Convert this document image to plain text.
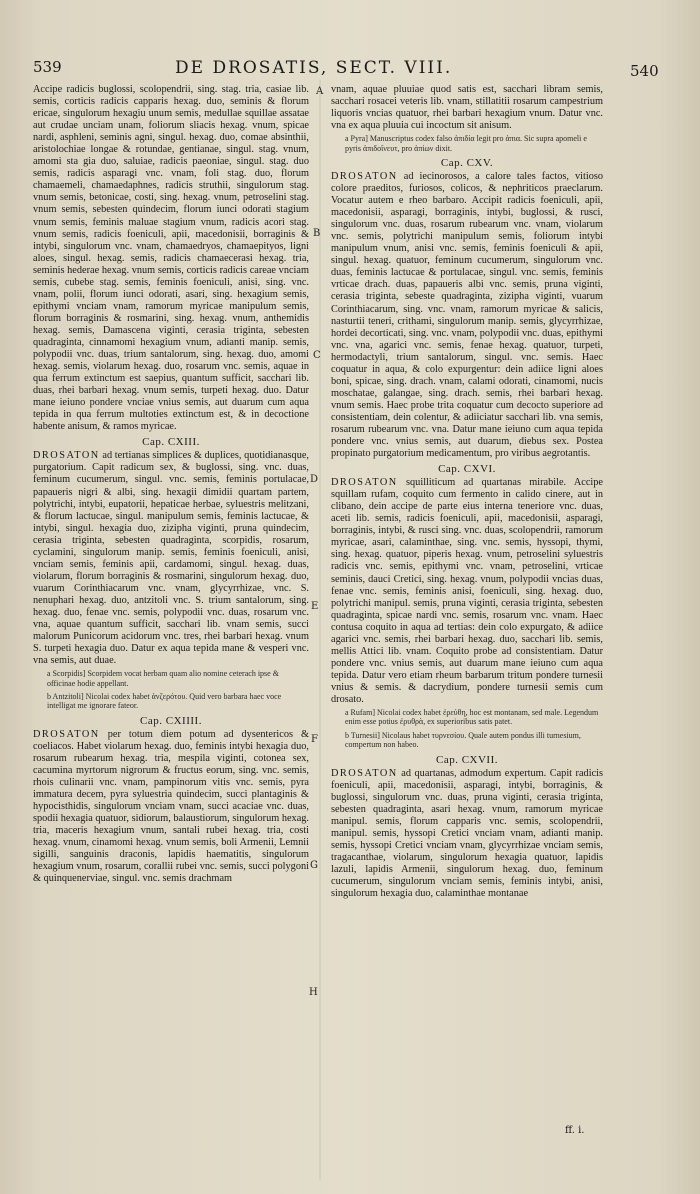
539	DE DROSATIS, SECT. VIII.	540
A
B
C
D
E
F
G
H

Accipe radicis buglossi, scolopendrii, sing. stag. tria, casiae lib. semis, corticis radicis capparis hexag. duo, seminis & florum ericae, singulorum hexagiu unum semis, medullae squillae assatae aut crudae unciam unam, foliorum sliacis hexag. vnum, spicae nardi, asphleni, seminis agni, singul. hexag. duo, comae absinthii, aristolochiae longae & rotundae, gentianae, singul. stag. vnum, amomi sta gia duo, saluiae, radicis paeoniae, singul. stag. duo semis, radicis asparagi vnc. vnam, foli stag. duo, florum chamaemeli, chamaedaphnes, radicis struthii, singulorum stag. vnum semis, betonicae, costi, sing. hexag. vnum, petroselini stag. vnum semis, sebesten quindecim, florum iunci odorati stagium vnum semis, feminis maluae stagium vnum, radicis acori stag. vnum semis, radicis foeniculi, apii, macedonisii, borraginis & intybi, singulorum vnc. vnam, chamaedryos, chamaepityos, ligni aloes, singul. hexag. semis, radicis chamaecerasi hexag. tria, seminis hederae hexag. vnum semis, corticis radicis careae vnciam semis, cubebe stag. semis, feminis foeniculi, anisi, sing. vnc. vnam, polii, florum iunci odorati, asari, sing. hexagium semis, epithymi vnciam vnam, ramorum myricae manipulum semis, florum borraginis & rosmarini, sing. hexag. vnum, anthemidis hexag. semis, Damascena viginti, cerasia triginta, sebesten quadraginta, cinnamomi hexagium vnum, adianti manip. semis, polypodii vnc. duas, trium santalorum, sing. hexag. duo, amomi hexag. semis, violarum hexag. duo, rosarum vnc. semis, aquae in qua ferrum extinctum est saepius, quantum sufficit, sacchari lib. duas, rhei barbari hexag. vnum semis, turpeti hexag. duo. Datur mane ieiuno pondere vnciae vnius semis, aut duarum cum aqua tepida in qua ferrum multoties extinctum est, & in decoctione habente anisum, & ramos myricae.

Cap. CXIII.

DROSATON ad tertianas simplices & duplices, quotidianasque, purgatorium. Capit radicum sex, & buglossi, sing. vnc. duas, feminum cucumerum, singul. vnc. semis, feminis portulacae, papaueris nigri & albi, sing. hexagii dimidii quartam partem, polytrichi, intybi, eupatorii, hepaticae herbae, syluestris melitzani, & florum lactucae, singul. manipulum semis, feminis lactucae, & intybi, singul. hexagia duo, zizipha viginti, pruna quindecim, cerasia triginta, sebesten quadraginta, scorpidis, rosarum, cyclamini, singulorum manip. semis, feminis foeniculi, anisi, vnciam semis, feminis apii, cardamomi, singul. hexag. duas, violarum, florum borraginis & rosmarini, singulorum hexag. duo, vuarum Corinthiacarum vnc. vnam, glycyrrhizae, vnc. S. nenuphari hexag. duo, antzitoli vnc. S. trium santalorum, sing. hexag. duo, fenae vnc. semis, polypodii vnc. duas, rosarum vnc. vna, aquae quantum sufficit, sacchari lib. vnam semis, succi malorum Punicorum acidorum vnc. tres, rhei barbari hexag. vnum S. turpeti hexagia duo. Datur ex aqua tepida mane & vesperi vnc. vna semis, aut duae.

a Scorpidis] Scorpidem vocat herbam quam alio nomine ceterach ipse & officinae hodie appellant.
b Antzitoli] Nicolai codex habet ἀνζερότου. Quid vero barbara haec voce intelligat me ignorare fateor.
Cap. CXIIII.

DROSATON per totum diem potum ad dysentericos & coeliacos. Habet violarum hexag. duo, feminis intybi hexagia duo, rosarum rubearum hexag. tria, mespila viginti, cotonea sex, cacumina myrtorum nigrorum & fructus eorum, sing. vnc. semis, rhois culinarii vnc. vnam, pampinorum vitis vnc. semis, pyra immatura decem, pyra syluestria quindecim, succi plantaginis & hypocisthidis, singulorum vnciam vnam, succi acaciae vnc. duas, spodii hexagia quatuor, sidiorum, balaustiorum, singulorum hexag. tria, maceris hexagium vnum, santali rubei hexag. tria, costi hexag. vnum, cinamomi hexag. vnum semis, boli Armenii, Lemnii sigilli, sanguinis draconis, lapidis haematitis, singulorum hexagium vnum, rosarum, corallii rubei vnc. semis, succi polygoni & quinquenerviae, singul. vnc. semis drachmam

vnam, aquae pluuiae quod satis est, sacchari libram semis, sacchari rosacei veteris lib. vnam, stillatitii rosarum campestrium liquoris vncias quatuor, rhei barbari hexagium vnum. Datur vnc. vna ex aqua pluuia cui incoctum sit anisum.

a Pyra] Manuscriptus codex falso ἀπιδία legit pro ἀπια. Sic supra apomeli e pyris ἀπιδοῖνευτ, pro ἀπίων dixit.
Cap. CXV.

DROSATON ad iecinorosos, a calore tales factos, vitioso colore praeditos, furiosos, colicos, & nephriticos praeclarum. Vocatur autem e rheo barbaro. Accipit radicis foeniculi, apii, macedonisii, asparagi, borraginis, intybi, buglossi, & rusci, singulorum vnc. duas, rosarum rubearum vnc. vnam, violarum vnc. semis, polytrichi manipulum semis, foliorum intybi manipulum vnum, anisi vnc. semis, feminis foeniculi & apii, singul. hexag. quatuor, feminum cucumerum, singulorum vnc. duas, feminis lactucae & portulacae, singul. vnc. semis, feminis vrticae drach. duas, papaueris albi vnc. semis, pruna viginti, cerasia triginta, sebeste quadraginta, zizipha viginti, vuarum Corinthiacarum, sing. vnc. vnam, ramorum myricae & salicis, nasturtii teneri, crithami, singulorum manip. semis, glycyrrhizae, hordei decorticati, sing. vnc. vnam, polypodii vnc. duas, epithymi vnc. vna, agarici vnc. semis, fenae hexag. quatuor, turpeti, hermodactyli, trium santalorum, singul. vnc. semis. Haec coquatur in aqua, & colo expurgentur: dein adiice ligni aloes boni, spicae, sing. drach. vnam, calami odorati, cinamomi, nucis moschatae, galangae, sing. drach. semis, rhei barbari hexag. vnum semis. Haec probe trita coquatur cum decocto superiore ad consistentiam, dein colentur, & adiiciatur sacchari lib. vna semis, rosarum rubearum vnc. vna. Datur mane ieiuno cum aqua tepida pondere vnc. vnius semis, aut duarum, diebus sex. Postea propinato purgatorium medicamentum, pro viribus aegrotantis.

Cap. CXVI.

DROSATON squilliticum ad quartanas mirabile. Accipe squillam rufam, coquito cum fermento in calido cinere, aut in clibano, dein accipe de parte eius interna teneriore vnc. duas, aceti lib. semis, radicis foeniculi, apii, macedonisii, asparagi, borraginis, intybi, & rusci sing. vnc. duas, scolopendrii, ramorum myricae, asari, calaminthae, sing. vnc. semis, hyssopi, thymi, sing. hexag. quatuor, piperis hexag. vnum, petroselini syluestris radicis vnc. semis, epithymi vnc. vnam, petroselini, vrticae seminis, dauci Cretici, sing. hexag. vnum, polypodii vncias duas, fenae vnc. semis, feminis anisi, foeniculi, sing. hexag. duo, polytrichi manipul. semis, pruna viginti, cerasia triginta, sebesten quadraginta, spicae nardi vnc. semis, rosarum vnc. vnam. Haec contusa coquito in aqua ad tertias: dein colo expurgato, & adiice agarici vnc. semis, rhei barbari hexag. duo, sacchari lib. semis, mellis Attici lib. vnam. Coquito probe ad consistentiam. Datur pondere vnc. vnius semis, aut duarum mane ieiuno cum aqua tepida. Datur vero etiam rheum barbarum tritum pondere turnesii vnius & semis. & dacrydium, pondere turnesii semis cum drosato.

a Rufam] Nicolai codex habet ἐρεύθη, hoc est montanam, sed male. Legendum enim esse potius ἐρυθρὰ, ex superioribus satis patet.
b Turnesii] Nicolaus habet τυρνεσίου. Quale autem pondus illi turnesium, compertum non habeo.
Cap. CXVII.

DROSATON ad quartanas, admodum expertum. Capit radicis foeniculi, apii, macedonisii, asparagi, intybi, borraginis, & buglossi, singulorum vnc. duas, pruna viginti, cerasia triginta, sebesten quadraginta, asari hexag. vnum, ramorum myricae manipul. semis, florum capparis vnc. semis, scolopendrii, manipul. semis, hyssopi Cretici vnciam vnam, adianti manip. semis, hyssopi Cretici vnciam vnam, glycyrrhizae vnciam semis, tragacanthae, violarum, singulorum hexagia quatuor, lapidis lazuli, lapidis Armenii, singulorum hexag. duo, feminum cucumerum, singulorum vnciam semis, feminis intybi, anisi, singulorum hexagia duo, calaminthae montanae

ff. i.
